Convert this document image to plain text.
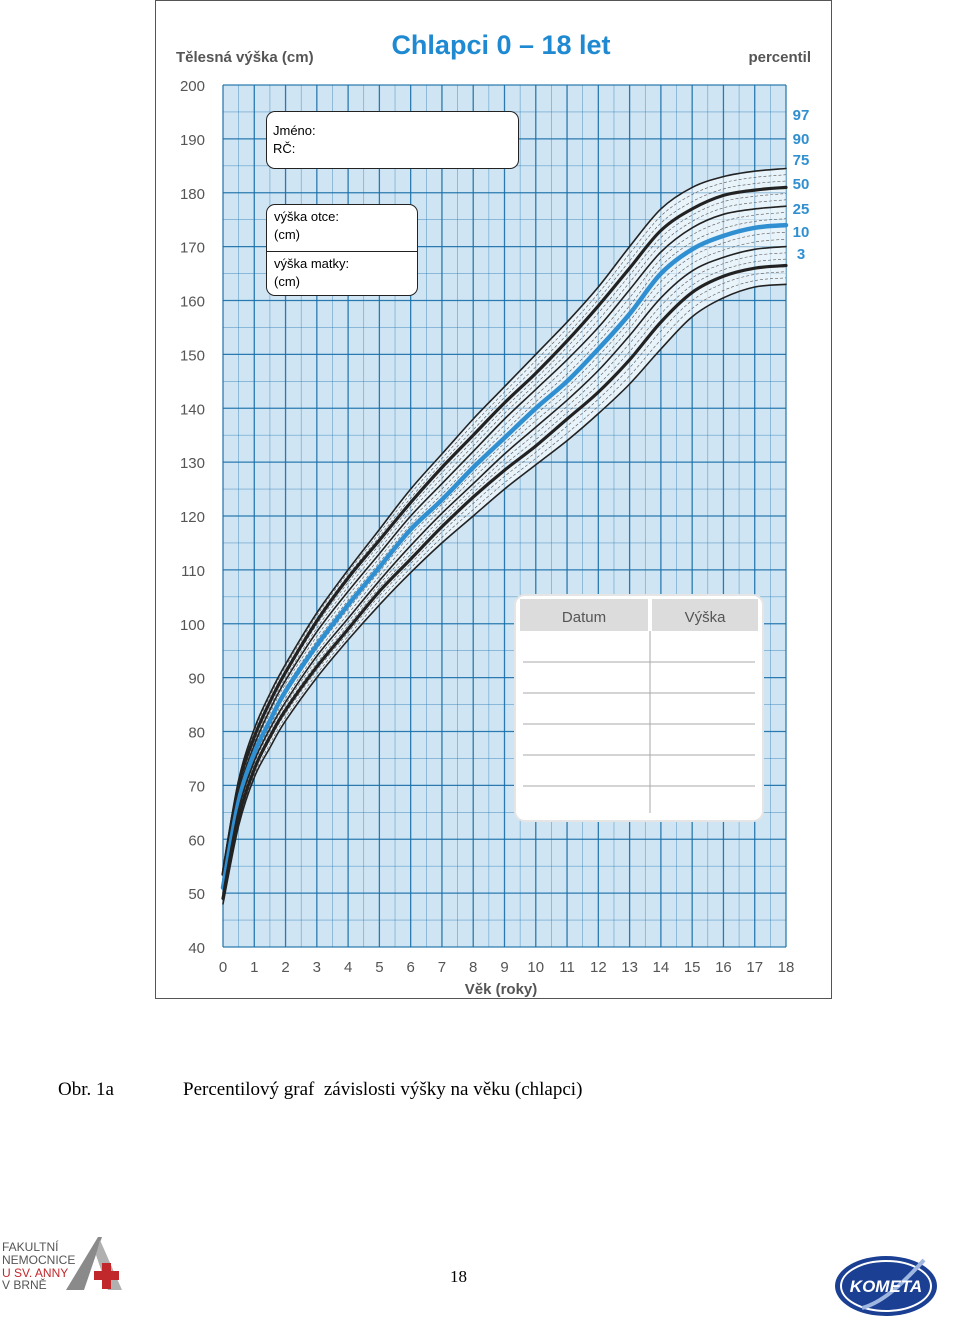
97
90
75
50
25
10
3
Datum	Výška
40
50
60
70
80
90
100
110
120
130
140
150
160
170
180
190
200
0 1 2 3 4 5 6 7 8 9 10 11 12 13 14 15 16 17 18
Chlapci 0 – 18 let
Tělesná výška (cm)	percentil
Věk (roky)
Jméno:
RČ:
výška otce:
(cm)
výška matky:
(cm)
Obr. 1a	Percentilový graf  závislosti výšky na věku (chlapci)
FAKULTNÍ
NEMOCNICE
U SV. ANNY
V BRNĚ	18
KOMETA
